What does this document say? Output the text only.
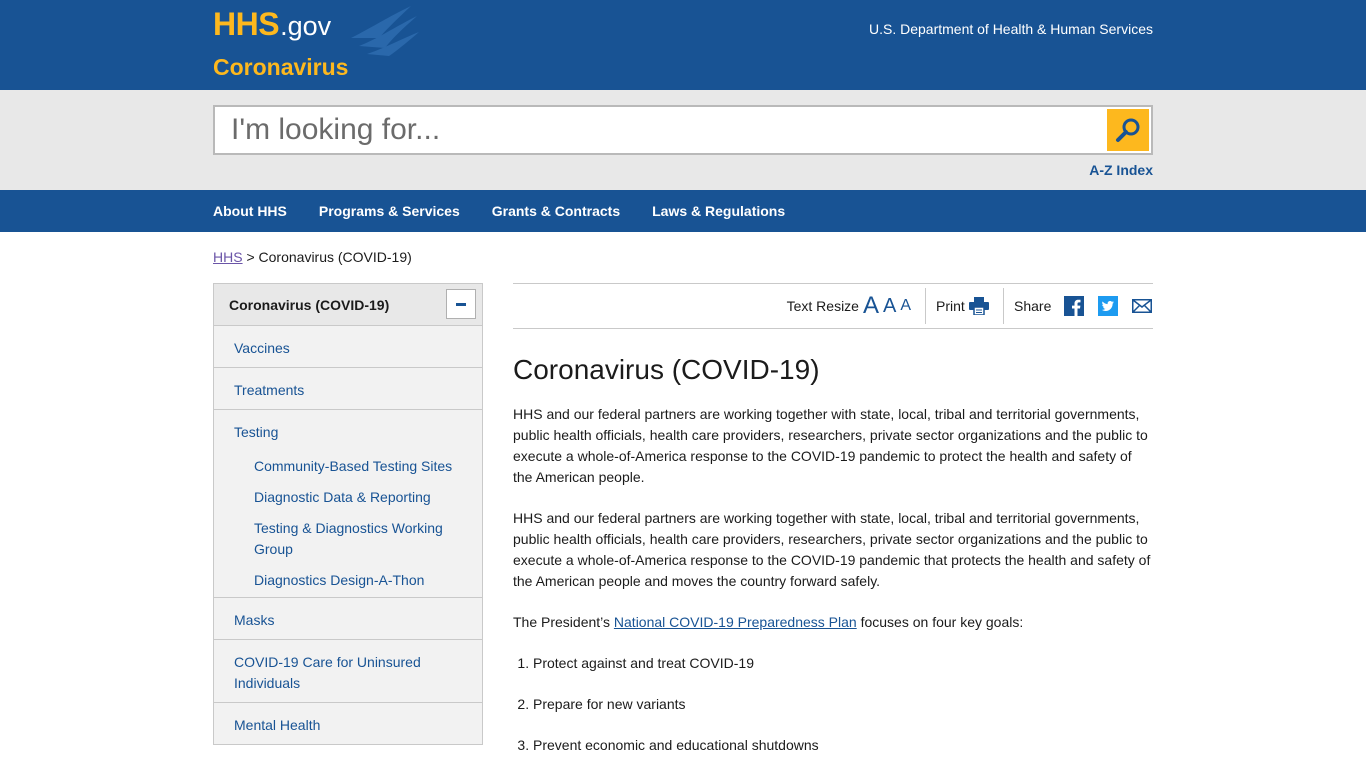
HHS .gov
Coronavirus
U.S. Department of Health & Human Services
I'm looking for...
A-Z Index
About HHS Programs & Services Grants & Contracts Laws & Regulations
HHS > Coronavirus (COVID-19)
Coronavirus (COVID-19)
Vaccines
Treatments
Testing
Community-Based Testing Sites
Diagnostic Data & Reporting
Testing & Diagnostics Working Group
Diagnostics Design-A-Thon
Masks
COVID-19 Care for Uninsured Individuals
Mental Health
Text Resize A A A Print	Share
Coronavirus (COVID-19)

HHS and our federal partners are working together with state, local, tribal and territorial governments, public health officials, health care providers, researchers, private sector organizations and the public to execute a whole-of-America response to the COVID-19 pandemic to protect the health and safety of the American people.

HHS and our federal partners are working together with state, local, tribal and territorial governments, public health officials, health care providers, researchers, private sector organizations and the public to execute a whole-of-America response to the COVID-19 pandemic that protects the health and safety of the American people and moves the country forward safely.

The President’s National COVID-19 Preparedness Plan focuses on four key goals:

1. Protect against and treat COVID-19
2. Prepare for new variants
3. Prevent economic and educational shutdowns
